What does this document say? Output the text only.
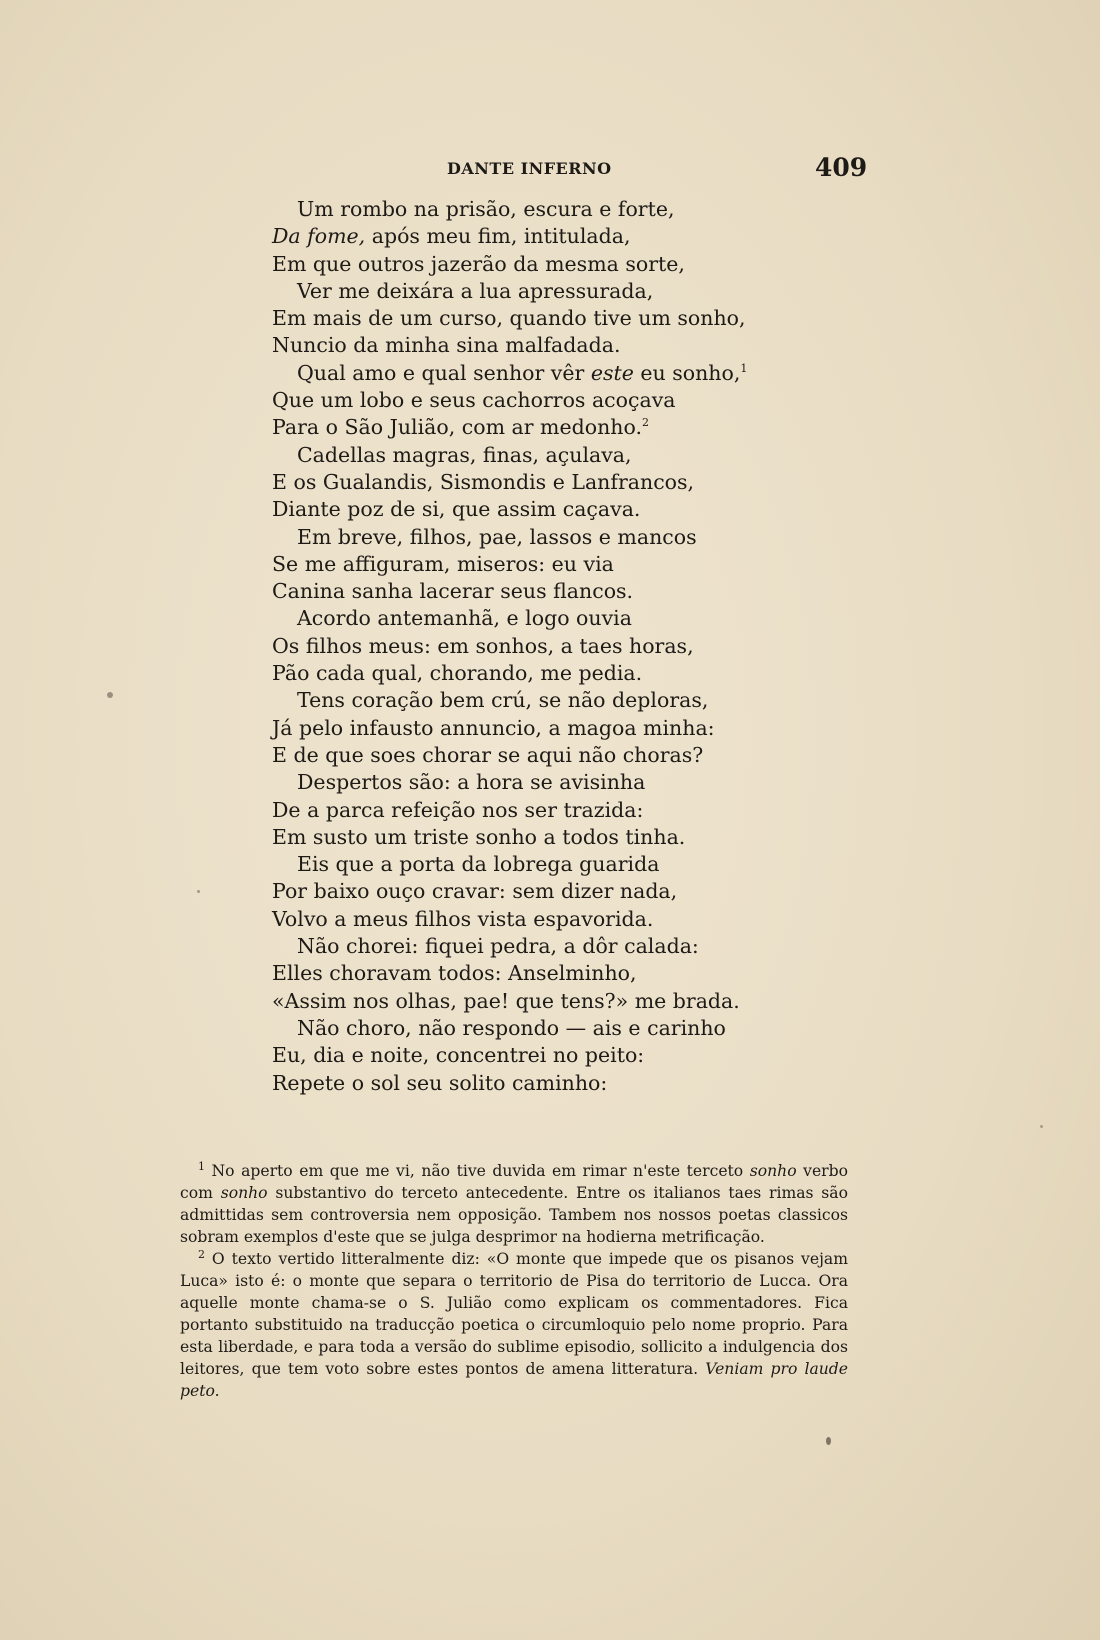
DANTE INFERNO	409
Um rombo na prisão, escura e forte,
Da fome, após meu fim, intitulada,
Em que outros jazerão da mesma sorte,
Ver me deixára a lua apressurada,
Em mais de um curso, quando tive um sonho,
Nuncio da minha sina malfadada.
Qual amo e qual senhor vêr este eu sonho,$^1$
Que um lobo e seus cachorros acoçava
Para o São Julião, com ar medonho.$^2$
Cadellas magras, finas, açulava,
E os Gualandis, Sismondis e Lanfrancos,
Diante poz de si, que assim caçava.
Em breve, filhos, pae, lassos e mancos
Se me affiguram, miseros: eu via
Canina sanha lacerar seus flancos.
Acordo antemanhã, e logo ouvia
Os filhos meus: em sonhos, a taes horas,
Pão cada qual, chorando, me pedia.
Tens coração bem crú, se não deploras,
Já pelo infausto annuncio, a magoa minha:
E de que soes chorar se aqui não choras?
Despertos são: a hora se avisinha
De a parca refeição nos ser trazida:
Em susto um triste sonho a todos tinha.
Eis que a porta da lobrega guarida
Por baixo ouço cravar: sem dizer nada,
Volvo a meus filhos vista espavorida.
Não chorei: fiquei pedra, a dôr calada:
Elles choravam todos: Anselminho,
«Assim nos olhas, pae! que tens?» me brada.
Não choro, não respondo — ais e carinho
Eu, dia e noite, concentrei no peito:
Repete o sol seu solito caminho:

$^1$ No aperto em que me vi, não tive duvida em rimar n'este terceto sonho verbo com sonho substantivo do terceto antecedente. Entre os italianos taes rimas são admittidas sem controversia nem opposição. Tambem nos nossos poetas classicos sobram exemplos d'este que se julga desprimor na hodierna metrificação.

$^2$ O texto vertido litteralmente diz: «O monte que impede que os pisanos vejam Luca» isto é: o monte que separa o territorio de Pisa do territorio de Lucca. Ora aquelle monte chama-se o S. Julião como explicam os commentadores. Fica portanto substituido na traducção poetica o circumloquio pelo nome proprio. Para esta liberdade, e para toda a versão do sublime episodio, sollicito a indulgencia dos leitores, que tem voto sobre estes pontos de amena litteratura. Veniam pro laude peto.
